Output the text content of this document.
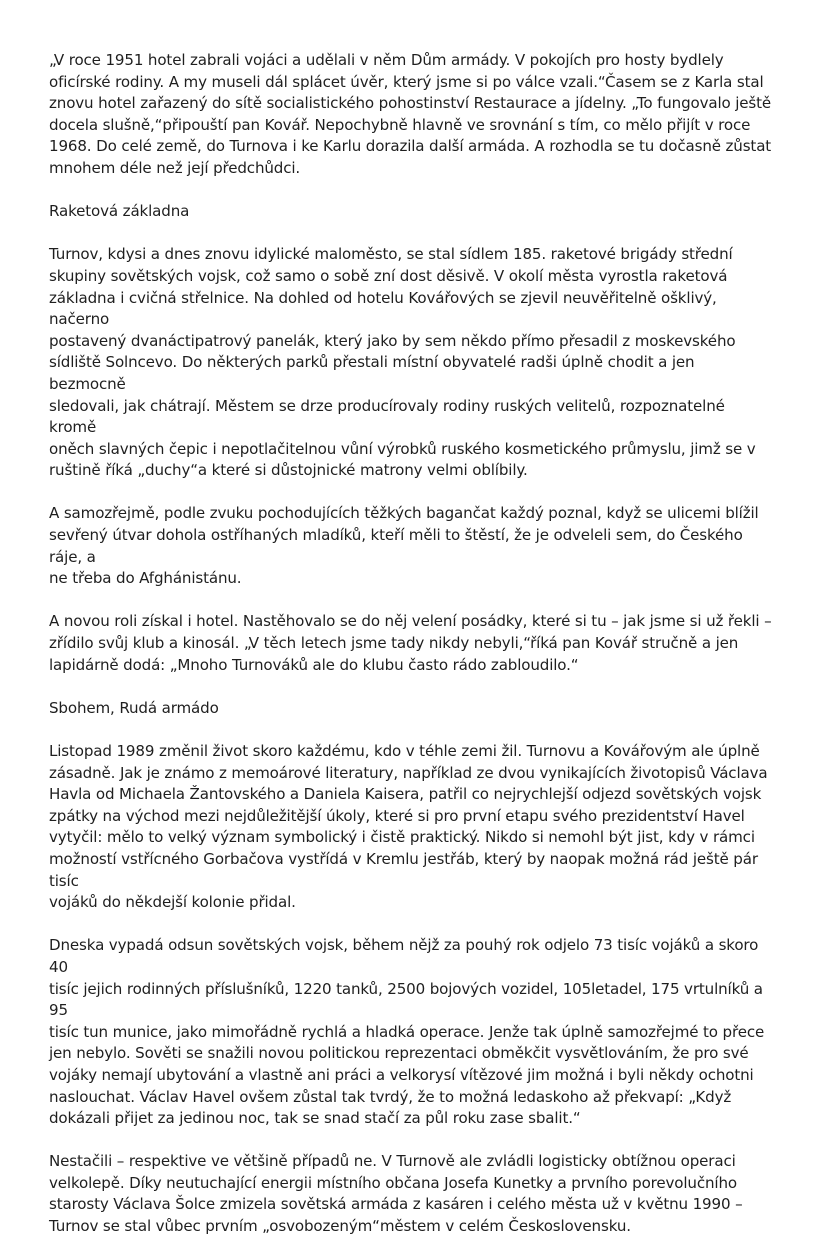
„V roce 1951 hotel zabrali vojáci a udělali v něm Dům armády. V pokojích pro hosty bydlely
oficírské rodiny. A my museli dál splácet úvěr, který jsme si po válce vzali.“Časem se z Karla stal
znovu hotel zařazený do sítě socialistického pohostinství Restaurace a jídelny. „To fungovalo ještě
docela slušně,“připouští pan Kovář. Nepochybně hlavně ve srovnání s tím, co mělo přijít v roce
1968. Do celé země, do Turnova i ke Karlu dorazila další armáda. A rozhodla se tu dočasně zůstat
mnohem déle než její předchůdci.

Raketová základna

Turnov, kdysi a dnes znovu idylické maloměsto, se stal sídlem 185. raketové brigády střední
skupiny sovětských vojsk, což samo o sobě zní dost děsivě. V okolí města vyrostla raketová
základna i cvičná střelnice. Na dohled od hotelu Kovářových se zjevil neuvěřitelně ošklivý, načerno
postavený dvanáctipatrový panelák, který jako by sem někdo přímo přesadil z moskevského
sídliště Solncevo. Do některých parků přestali místní obyvatelé radši úplně chodit a jen bezmocně
sledovali, jak chátrají. Městem se drze producírovaly rodiny ruských velitelů, rozpoznatelné kromě
oněch slavných čepic i nepotlačitelnou vůní výrobků ruského kosmetického průmyslu, jimž se v
ruštině říká „duchy“a které si důstojnické matrony velmi oblíbily.

A samozřejmě, podle zvuku pochodujících těžkých bagančat každý poznal, když se ulicemi blížil
sevřený útvar dohola ostříhaných mladíků, kteří měli to štěstí, že je odveleli sem, do Českého ráje, a
ne třeba do Afghánistánu.

A novou roli získal i hotel. Nastěhovalo se do něj velení posádky, které si tu – jak jsme si už řekli –
zřídilo svůj klub a kinosál. „V těch letech jsme tady nikdy nebyli,“říká pan Kovář stručně a jen
lapidárně dodá: „Mnoho Turnováků ale do klubu často rádo zabloudilo.“

Sbohem, Rudá armádo

Listopad 1989 změnil život skoro každému, kdo v téhle zemi žil. Turnovu a Kovářovým ale úplně
zásadně. Jak je známo z memoárové literatury, například ze dvou vynikajících životopisů Václava
Havla od Michaela Žantovského a Daniela Kaisera, patřil co nejrychlejší odjezd sovětských vojsk
zpátky na východ mezi nejdůležitější úkoly, které si pro první etapu svého prezidentství Havel
vytyčil: mělo to velký význam symbolický i čistě praktický. Nikdo si nemohl být jist, kdy v rámci
možností vstřícného Gorbačova vystřídá v Kremlu jestřáb, který by naopak možná rád ještě pár tisíc
vojáků do někdejší kolonie přidal.

Dneska vypadá odsun sovětských vojsk, během nějž za pouhý rok odjelo 73 tisíc vojáků a skoro 40
tisíc jejich rodinných příslušníků, 1220 tanků, 2500 bojových vozidel, 105letadel, 175 vrtulníků a 95
tisíc tun munice, jako mimořádně rychlá a hladká operace. Jenže tak úplně samozřejmé to přece
jen nebylo. Sověti se snažili novou politickou reprezentaci obměkčit vysvětlováním, že pro své
vojáky nemají ubytování a vlastně ani práci a velkorysí vítězové jim možná i byli někdy ochotni
naslouchat. Václav Havel ovšem zůstal tak tvrdý, že to možná ledaskoho až překvapí: „Když
dokázali přijet za jedinou noc, tak se snad stačí za půl roku zase sbalit.“

Nestačili – respektive ve většině případů ne. V Turnově ale zvládli logisticky obtížnou operaci
velkolepě. Díky neutuchající energii místního občana Josefa Kunetky a prvního porevolučního
starosty Václava Šolce zmizela sovětská armáda z kasáren i celého města už v květnu 1990 –
Turnov se stal vůbec prvním „osvobozeným“městem v celém Československu.
